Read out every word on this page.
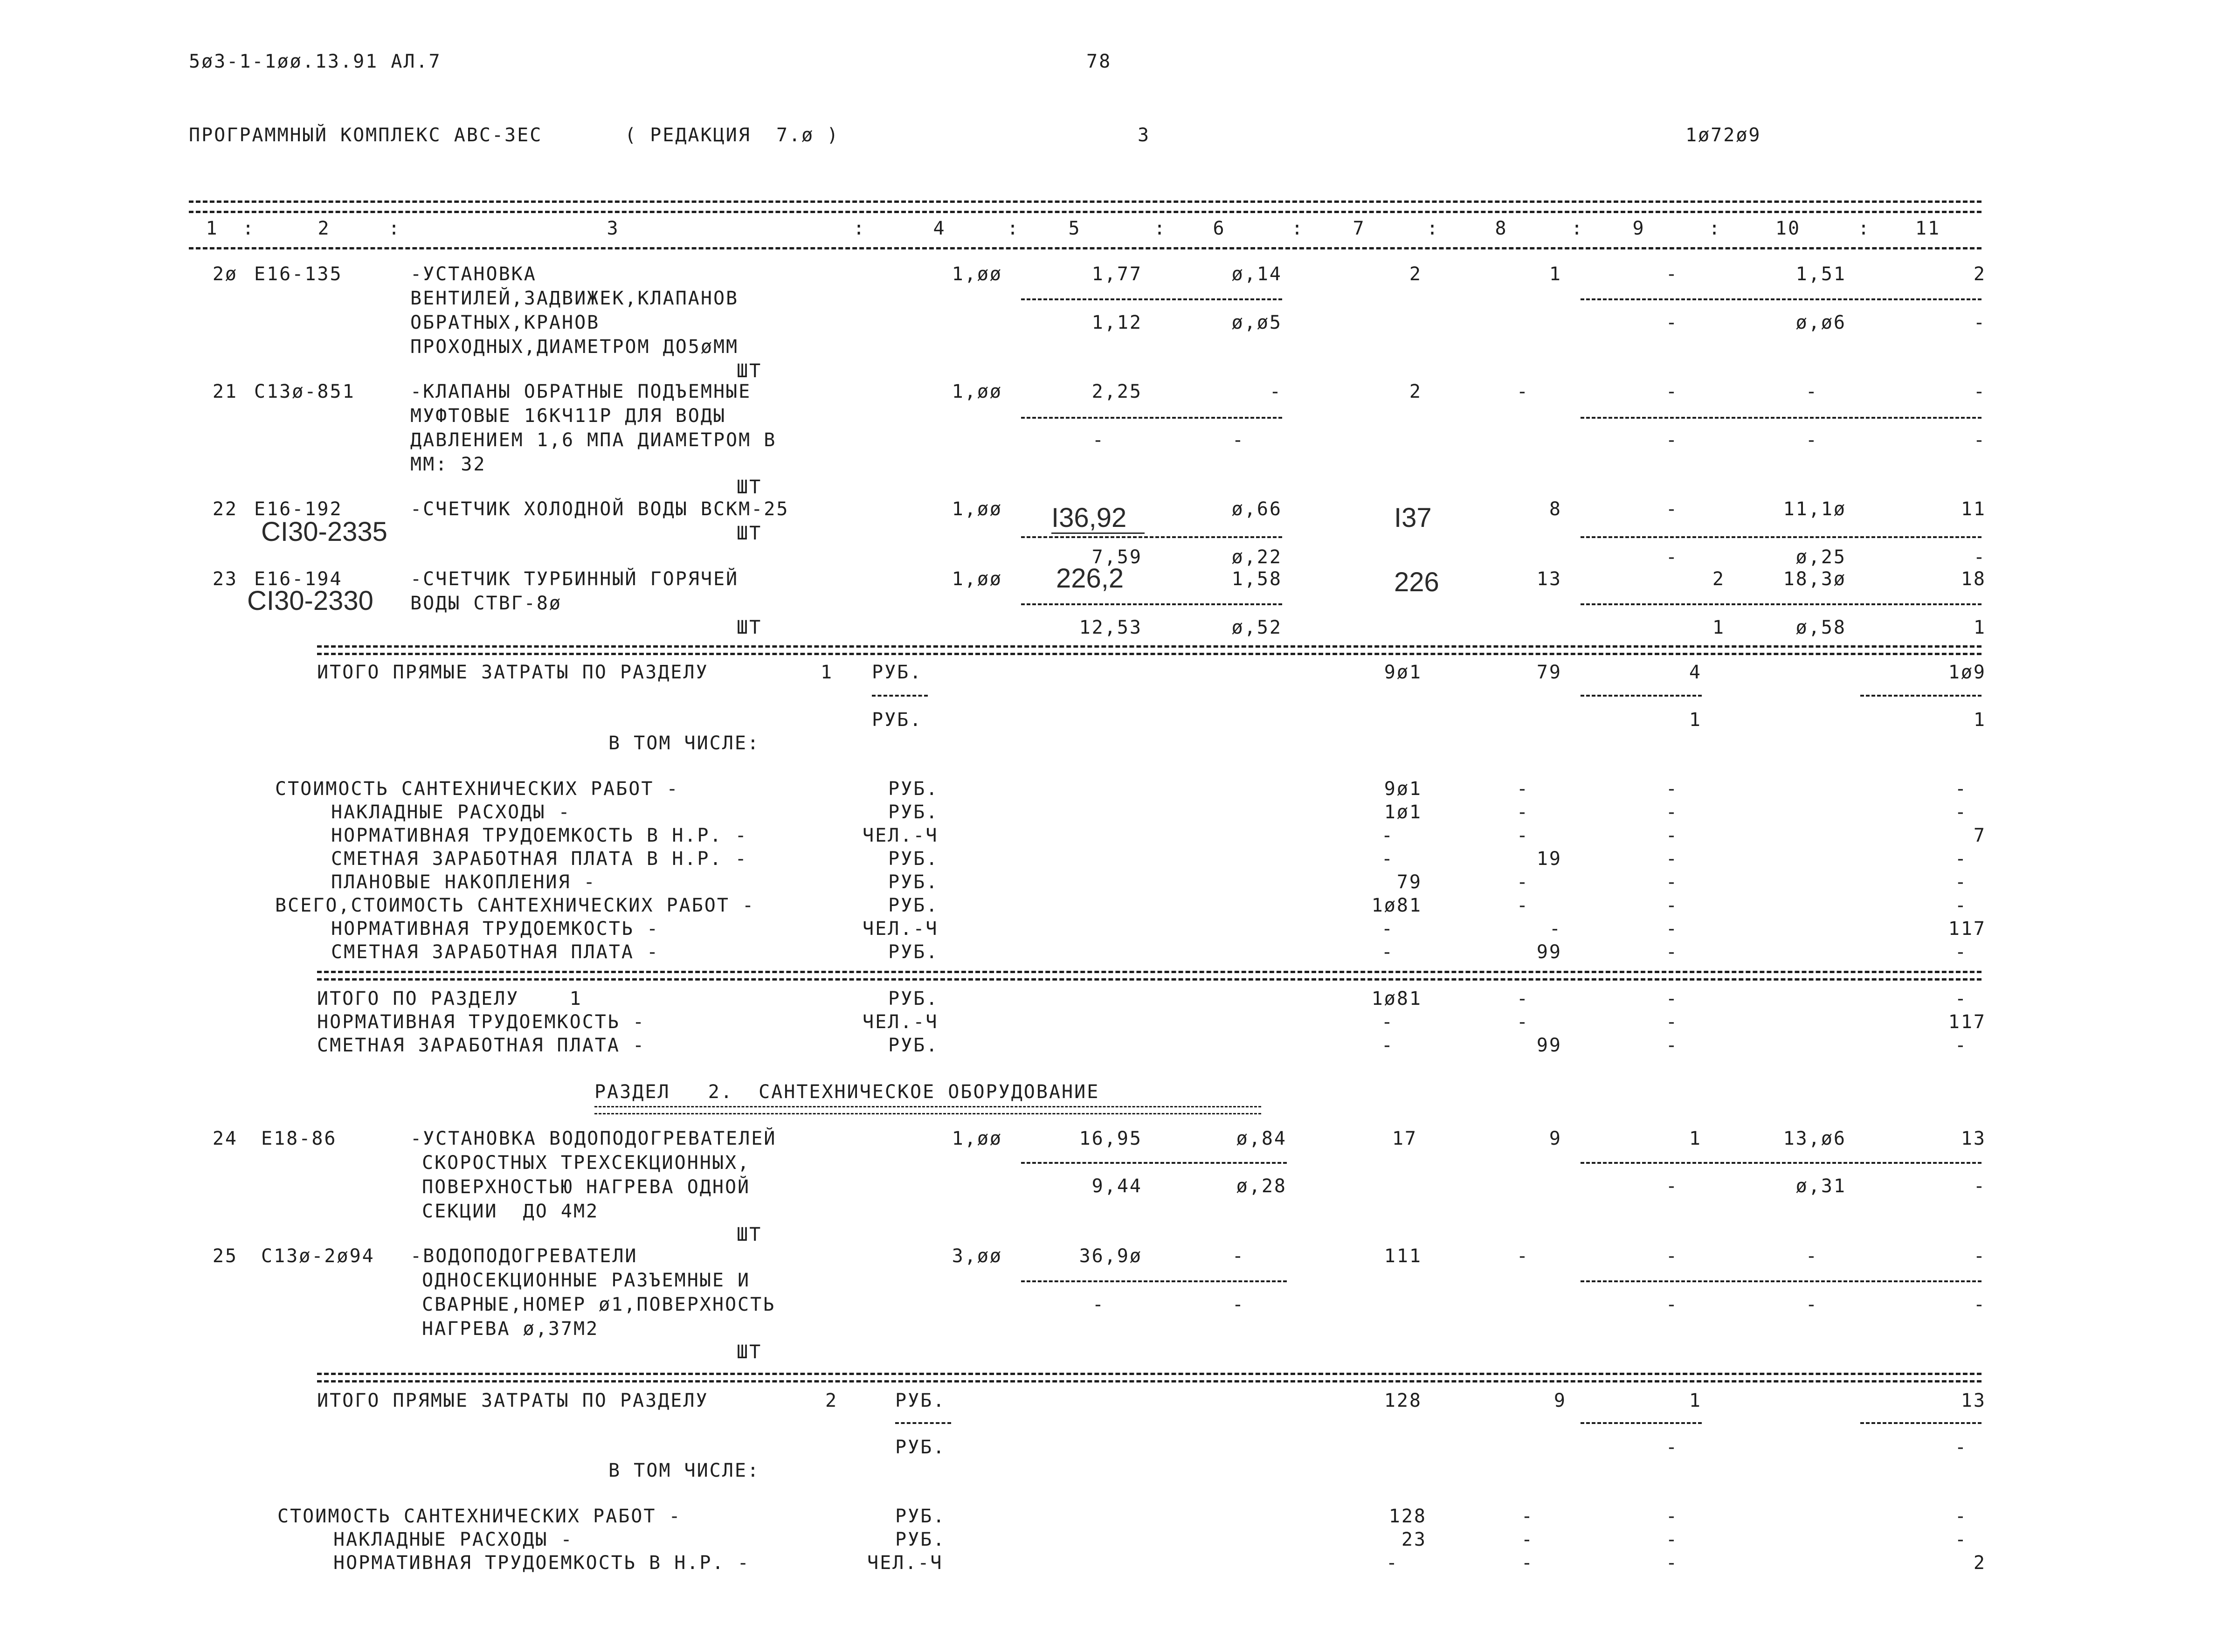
5ø3-1-1øø.13.91 АЛ.7	78
ПРОГРАММНЫЙ КОМПЛЕКС АВС-3ЕС	( РЕДАКЦИЯ  7.ø )	3	1ø72ø9
1	2	3	4	5	6	7	8	9	10	11
:	:	:	:	:	:	:	:	:	:
2ø E16-135	-УСТАНОВКА
ВЕНТИЛЕЙ,ЗАДВИЖЕК,КЛАПАНОВ
ОБРАТНЫХ,КРАНОВ
ПРОХОДНЫХ,ДИАМЕТРОМ ДО5øММ
ШТ
1,øø	1,77	ø,14	2	1	-	1,51	2
1,12	ø,ø5	-	ø,ø6	-
21 C13ø-851	-КЛАПАНЫ ОБРАТНЫЕ ПОДЪЕМНЫЕ
МУФТОВЫЕ 16КЧ11Р ДЛЯ ВОДЫ
ДАВЛЕНИЕМ 1,6 МПА ДИАМЕТРОМ В
ММ: 32
ШТ
1,øø	2,25	-	2	-	-	-	-
-	-	-	-	-
22 E16-192
CI30-2335
-СЧЕТЧИК ХОЛОДНОЙ ВОДЫ ВСКМ-25
ШТ
1,øø I36,92	ø,66	I37	8	-	11,1ø	11
7,59	ø,22	-	ø,25	-
23 E16-194
CI30-2330
-СЧЕТЧИК ТУРБИННЫЙ ГОРЯЧЕЙ
ВОДЫ СТВГ-8ø
ШТ
1,øø 226,2	1,58	226	13	2	18,3ø	18
12,53	ø,52	1	ø,58	1
ИТОГО ПРЯМЫЕ ЗАТРАТЫ ПО РАЗДЕЛУ	1 РУБ.	9ø1	79	4	1ø9
РУБ.	1	1
В ТОМ ЧИСЛЕ:
СТОИМОСТЬ САНТЕХНИЧЕСКИХ РАБОТ -	РУБ.	9ø1	-	-	-
НАКЛАДНЫЕ РАСХОДЫ -	РУБ.	1ø1	-	-	-
НОРМАТИВНАЯ ТРУДОЕМКОСТЬ В Н.Р. -	ЧЕЛ.-Ч	-	-	-	7
СМЕТНАЯ ЗАРАБОТНАЯ ПЛАТА В Н.Р. -	РУБ.	-	19	-	-
ПЛАНОВЫЕ НАКОПЛЕНИЯ -	РУБ.	79	-	-	-
ВСЕГО,СТОИМОСТЬ САНТЕХНИЧЕСКИХ РАБОТ -	РУБ.	1ø81	-	-	-
НОРМАТИВНАЯ ТРУДОЕМКОСТЬ -	ЧЕЛ.-Ч	-	-	-	117
СМЕТНАЯ ЗАРАБОТНАЯ ПЛАТА -	РУБ.	-	99	-	-
ИТОГО ПО РАЗДЕЛУ    1	РУБ.	1ø81	-	-	-
НОРМАТИВНАЯ ТРУДОЕМКОСТЬ -	ЧЕЛ.-Ч	-	-	-	117
СМЕТНАЯ ЗАРАБОТНАЯ ПЛАТА -	РУБ.	-	99	-	-
РАЗДЕЛ   2.  САНТЕХНИЧЕСКОЕ ОБОРУДОВАНИЕ
24 E18-86	-УСТАНОВКА ВОДОПОДОГРЕВАТЕЛЕЙ
СКОРОСТНЫХ ТРЕХСЕКЦИОННЫХ,
ПОВЕРХНОСТЬЮ НАГРЕВА ОДНОЙ
СЕКЦИИ  ДО 4М2
ШТ
1,øø	16,95	ø,84	17	9	1	13,ø6	13
9,44	ø,28	-	ø,31	-
25 C13ø-2ø94 -ВОДОПОДОГРЕВАТЕЛИ
ОДНОСЕКЦИОННЫЕ РАЗЪЕМНЫЕ И
СВАРНЫЕ,НОМЕР ø1,ПОВЕРХНОСТЬ
НАГРЕВА ø,37М2
ШТ
3,øø	36,9ø	-	111	-	-	-	-
-	-	-	-	-
ИТОГО ПРЯМЫЕ ЗАТРАТЫ ПО РАЗДЕЛУ	2	РУБ.	128	9	1	13
РУБ.	-	-
В ТОМ ЧИСЛЕ:
СТОИМОСТЬ САНТЕХНИЧЕСКИХ РАБОТ -	РУБ.	128	-	-	-
НАКЛАДНЫЕ РАСХОДЫ -	РУБ.	23	-	-	-
НОРМАТИВНАЯ ТРУДОЕМКОСТЬ В Н.Р. -	ЧЕЛ.-Ч	-	-	-	2
